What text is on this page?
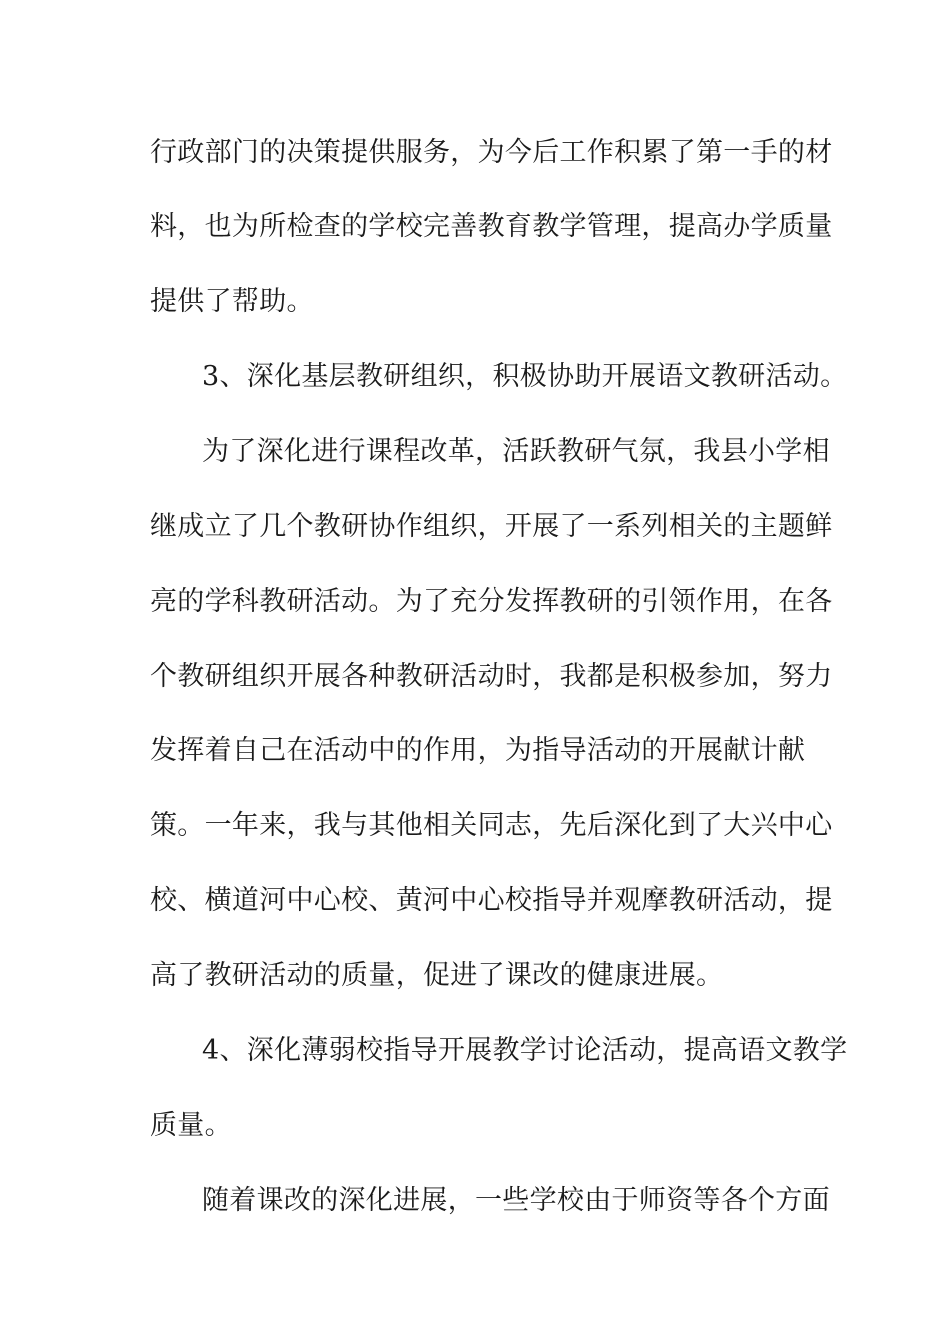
行政部门的决策提供服务，为今后工作积累了第一手的材
料，也为所检查的学校完善教育教学管理，提高办学质量
提供了帮助。
3、深化基层教研组织，积极协助开展语文教研活动。
为了深化进行课程改革，活跃教研气氛，我县小学相
继成立了几个教研协作组织，开展了一系列相关的主题鲜
亮的学科教研活动。为了充分发挥教研的引领作用，在各
个教研组织开展各种教研活动时，我都是积极参加，努力
发挥着自己在活动中的作用，为指导活动的开展献计献
策。一年来，我与其他相关同志，先后深化到了大兴中心
校、横道河中心校、黄河中心校指导并观摩教研活动，提
高了教研活动的质量，促进了课改的健康进展。
4、深化薄弱校指导开展教学讨论活动，提高语文教学
质量。
随着课改的深化进展，一些学校由于师资等各个方面
